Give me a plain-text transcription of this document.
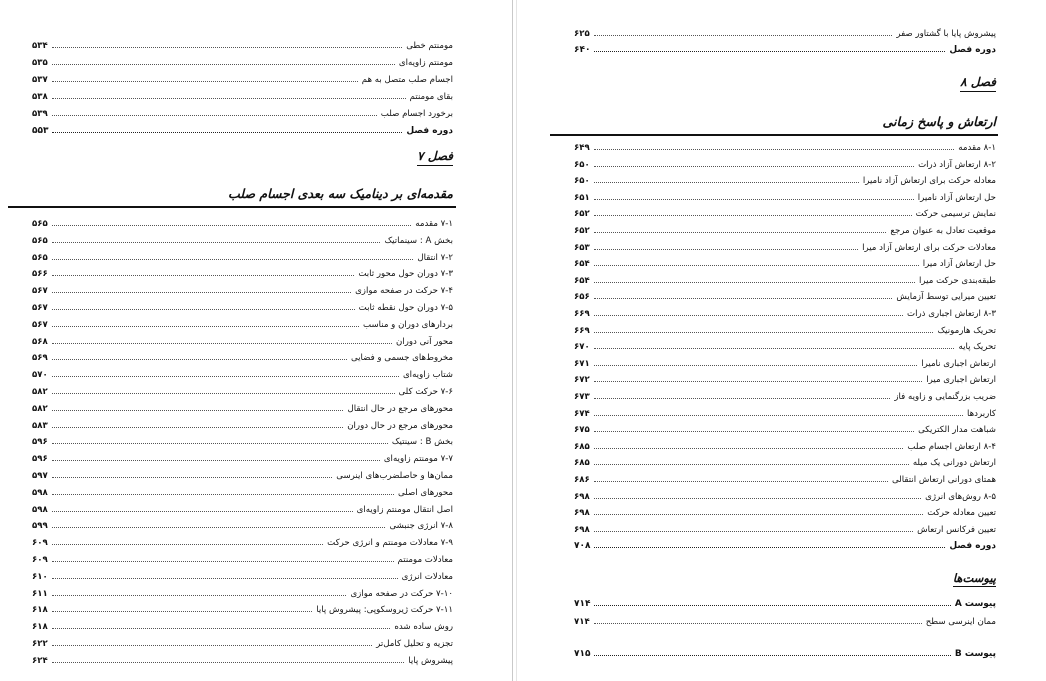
مومنتم خطی
۵۳۴
مومنتم زاویه‌ای
۵۳۵
اجسام صلب متصل به هم
۵۳۷
بقای مومنتم
۵۳۸
برخورد اجسام صلب
۵۳۹
دوره فصل
۵۵۳
فصل ۷
مقدمه‌ای بر دینامیک سه بعدی اجسام صلب
۷-۱ مقدمه
۵۶۵
بخش A : سینماتیک
۵۶۵
۷-۲ انتقال
۵۶۵
۷-۳ دوران حول محور ثابت
۵۶۶
۷-۴ حرکت در صفحه موازی
۵۶۷
۷-۵ دوران حول نقطه ثابت
۵۶۷
بردارهای دوران و مناسب
۵۶۷
محور آنی دوران
۵۶۸
مخروط‌های جسمی و فضایی
۵۶۹
شتاب زاویه‌ای
۵۷۰
۷-۶ حرکت کلی
۵۸۲
محورهای مرجع در حال انتقال
۵۸۲
محورهای مرجع در حال دوران
۵۸۳
بخش B : سینتیک
۵۹۶
۷-۷ مومنتم زاویه‌ای
۵۹۶
ممان‌ها و حاصلضرب‌های اینرسی
۵۹۷
محورهای اصلی
۵۹۸
اصل انتقال مومنتم زاویه‌ای
۵۹۸
۷-۸ انرژی جنبشی
۵۹۹
۷-۹ معادلات مومنتم و انرژی حرکت
۶۰۹
معادلات مومنتم
۶۰۹
معادلات انرژی
۶۱۰
۷-۱۰ حرکت در صفحه موازی
۶۱۱
۷-۱۱ حرکت ژیروسکوپی: پیشروش پایا
۶۱۸
روش ساده شده
۶۱۸
تجزیه و تحلیل کامل‌تر
۶۲۲
پیشروش پایا
۶۲۴
پیشروش پایا با گشتاور صفر
۶۲۵
دوره فصل
۶۴۰
فصل ۸
ارتعاش و پاسخ زمانی
۸-۱ مقدمه
۶۴۹
۸-۲ ارتعاش آزاد ذرات
۶۵۰
معادله حرکت برای ارتعاش آزاد نامیرا
۶۵۰
حل ارتعاش آزاد نامیرا
۶۵۱
نمایش ترسیمی حرکت
۶۵۲
موقعیت تعادل به عنوان مرجع
۶۵۲
معادلات حرکت برای ارتعاش آزاد میرا
۶۵۳
حل ارتعاش آزاد میرا
۶۵۴
طبقه‌بندی حرکت میرا
۶۵۴
تعیین میرایی توسط آزمایش
۶۵۶
۸-۳ ارتعاش اجباری ذرات
۶۶۹
تحریک هارمونیک
۶۶۹
تحریک پایه
۶۷۰
ارتعاش اجباری نامیرا
۶۷۱
ارتعاش اجباری میرا
۶۷۲
ضریب بزرگنمایی و زاویه فاز
۶۷۳
کاربردها
۶۷۴
شباهت مدار الکتریکی
۶۷۵
۸-۴ ارتعاش اجسام صلب
۶۸۵
ارتعاش دورانی یک میله
۶۸۵
همتای دورانی ارتعاش انتقالی
۶۸۶
۸-۵ روش‌های انرژی
۶۹۸
تعیین معادله حرکت
۶۹۸
تعیین فرکانس ارتعاش
۶۹۸
دوره فصل
۷۰۸
پیوست‌ها
پیوست A
۷۱۴
ممان اینرسی سطح
۷۱۴
پیوست B
۷۱۵
